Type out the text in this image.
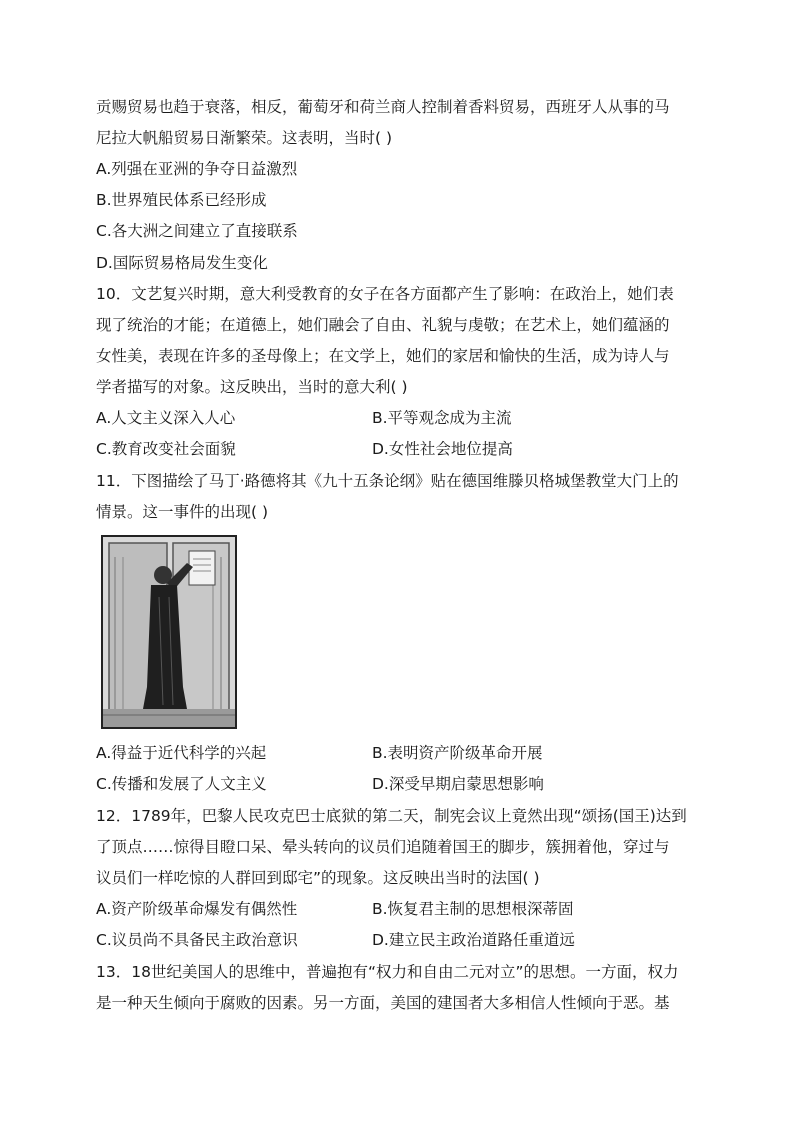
贡赐贸易也趋于衰落，相反，葡萄牙和荷兰商人控制着香料贸易，西班牙人从事的马
尼拉大帆船贸易日渐繁荣。这表明，当时( )
A.列强在亚洲的争夺日益激烈
B.世界殖民体系已经形成
C.各大洲之间建立了直接联系
D.国际贸易格局发生变化
10．文艺复兴时期，意大利受教育的女子在各方面都产生了影响：在政治上，她们表
现了统治的才能；在道德上，她们融会了自由、礼貌与虔敬；在艺术上，她们蕴涵的
女性美，表现在许多的圣母像上；在文学上，她们的家居和愉快的生活，成为诗人与
学者描写的对象。这反映出，当时的意大利( )
A.人文主义深入人心	B.平等观念成为主流
C.教育改变社会面貌	D.女性社会地位提高
11．下图描绘了马丁·路德将其《九十五条论纲》贴在德国维滕贝格城堡教堂大门上的
情景。这一事件的出现( )
A.得益于近代科学的兴起	B.表明资产阶级革命开展
C.传播和发展了人文主义	D.深受早期启蒙思想影响
12．1789年，巴黎人民攻克巴士底狱的第二天，制宪会议上竟然出现“颂扬(国王)达到
了顶点……惊得目瞪口呆、晕头转向的议员们追随着国王的脚步，簇拥着他，穿过与
议员们一样吃惊的人群回到邸宅”的现象。这反映出当时的法国( )
A.资产阶级革命爆发有偶然性	B.恢复君主制的思想根深蒂固
C.议员尚不具备民主政治意识	D.建立民主政治道路任重道远
13．18世纪美国人的思维中，普遍抱有“权力和自由二元对立”的思想。一方面，权力
是一种天生倾向于腐败的因素。另一方面，美国的建国者大多相信人性倾向于恶。基
